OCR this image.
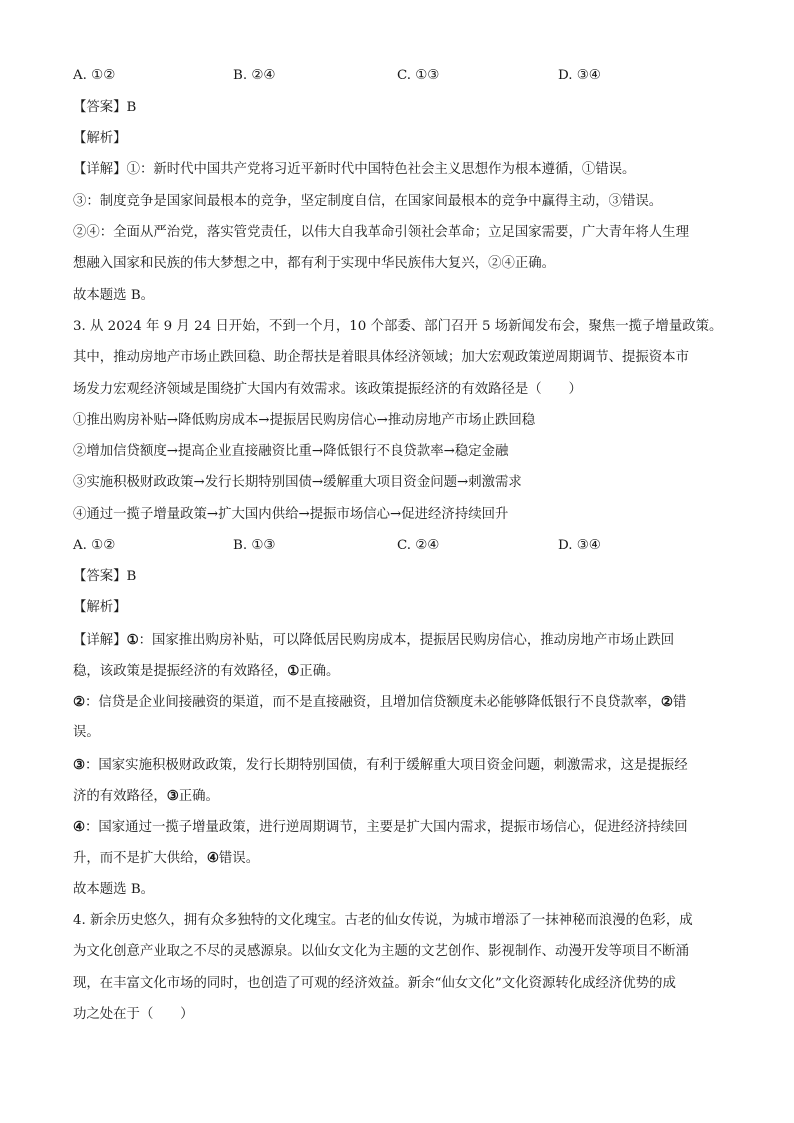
A. ①②	B. ②④	C. ①③	D. ③④
【答案】B
【解析】
【详解】①：新时代中国共产党将习近平新时代中国特色社会主义思想作为根本遵循，①错误。
③：制度竞争是国家间最根本的竞争，坚定制度自信，在国家间最根本的竞争中赢得主动，③错误。
②④：全面从严治党，落实管党责任，以伟大自我革命引领社会革命；立足国家需要，广大青年将人生理
想融入国家和民族的伟大梦想之中，都有利于实现中华民族伟大复兴，②④正确。
故本题选 B。
3. 从 2024 年 9 月 24 日开始，不到一个月，10 个部委、部门召开 5 场新闻发布会，聚焦一揽子增量政策。
其中，推动房地产市场止跌回稳、助企帮扶是着眼具体经济领域；加大宏观政策逆周期调节、提振资本市
场发力宏观经济领域是围绕扩大国内有效需求。该政策提振经济的有效路径是（　　）
①推出购房补贴→降低购房成本→提振居民购房信心→推动房地产市场止跌回稳
②增加信贷额度→提高企业直接融资比重→降低银行不良贷款率→稳定金融
③实施积极财政政策→发行长期特别国债→缓解重大项目资金问题→刺激需求
④通过一揽子增量政策→扩大国内供给→提振市场信心→促进经济持续回升
A. ①②	B. ①③	C. ②④	D. ③④
【答案】B
【解析】
【详解】①：国家推出购房补贴，可以降低居民购房成本，提振居民购房信心，推动房地产市场止跌回
稳，该政策是提振经济的有效路径，①正确。
②：信贷是企业间接融资的渠道，而不是直接融资，且增加信贷额度未必能够降低银行不良贷款率，②错
误。
③：国家实施积极财政政策，发行长期特别国债，有利于缓解重大项目资金问题，刺激需求，这是提振经
济的有效路径，③正确。
④：国家通过一揽子增量政策，进行逆周期调节，主要是扩大国内需求，提振市场信心，促进经济持续回
升，而不是扩大供给，④错误。
故本题选 B。
4. 新余历史悠久，拥有众多独特的文化瑰宝。古老的仙女传说，为城市增添了一抹神秘而浪漫的色彩，成
为文化创意产业取之不尽的灵感源泉。以仙女文化为主题的文艺创作、影视制作、动漫开发等项目不断涌
现，在丰富文化市场的同时，也创造了可观的经济效益。新余“仙女文化”文化资源转化成经济优势的成
功之处在于（　　）
